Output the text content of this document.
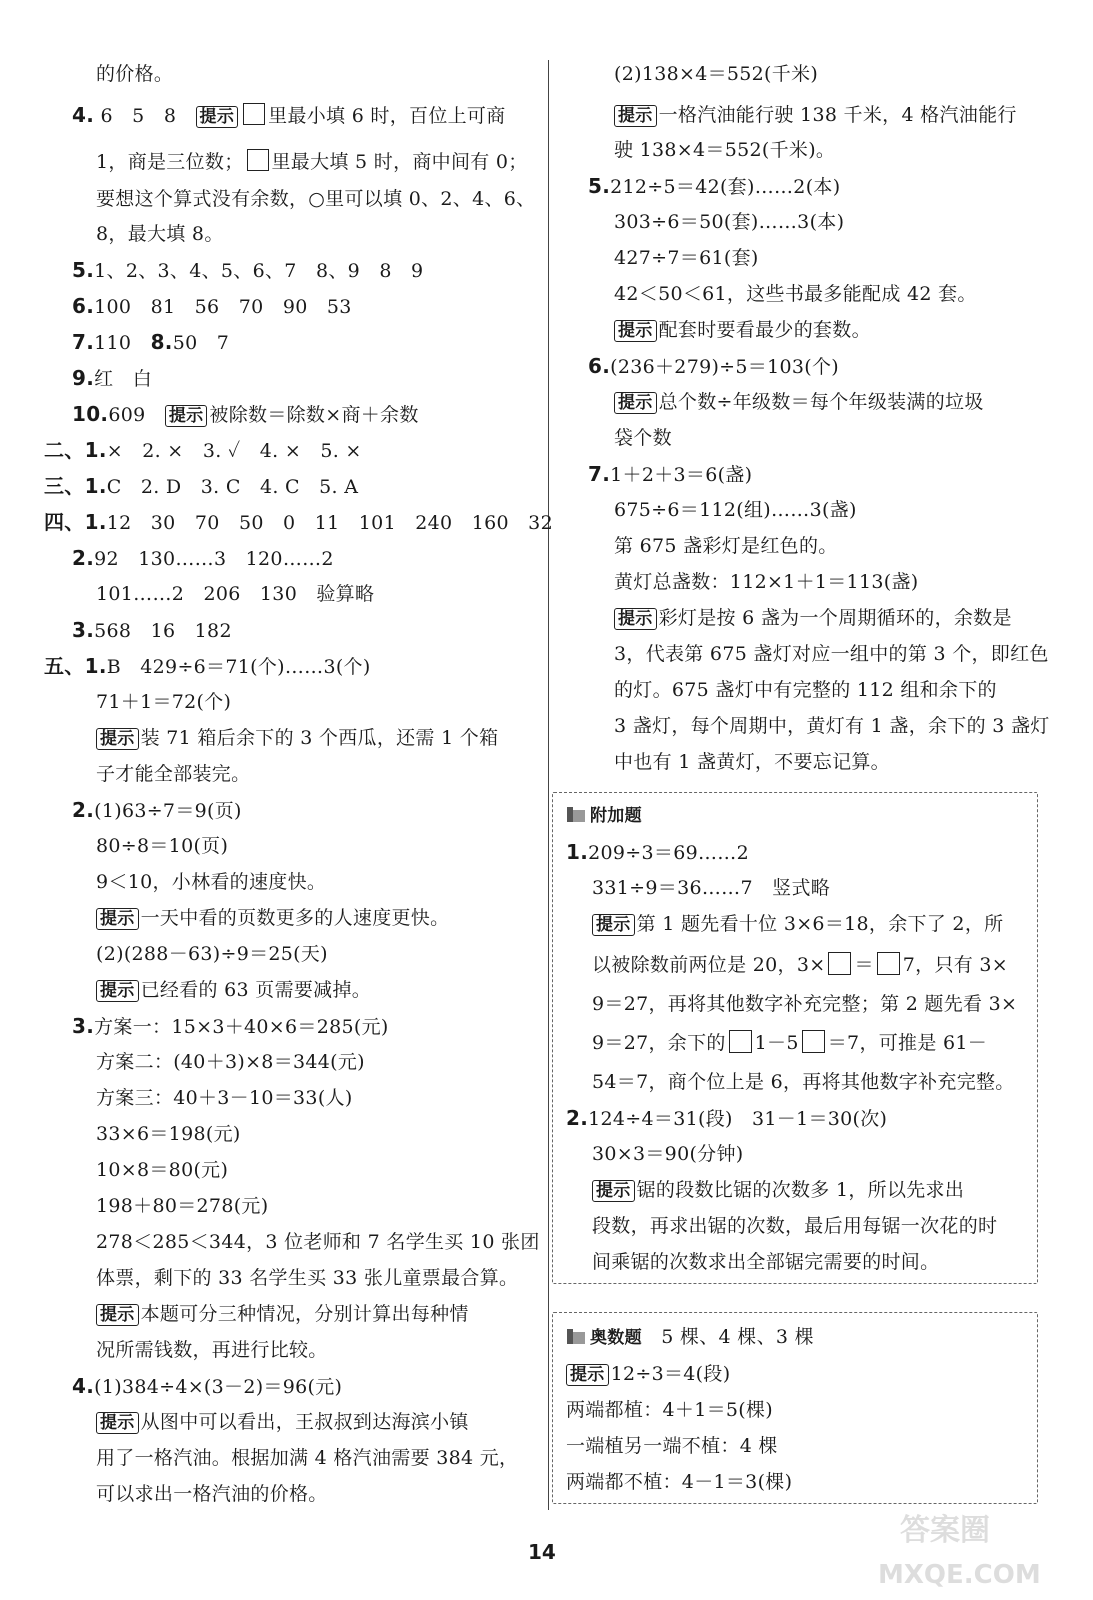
的价格。
4. 6　5　8　提示 里最小填 6 时，百位上可商
1，商是三位数； 里最大填 5 时，商中间有 0；
要想这个算式没有余数，○里可以填 0、2、4、6、
8，最大填 8。
5.1、2、3、4、5、6、7　8、9　8　9
6.100　81　56　70　90　53
7.110　8.50　7
9.红　白
10.609　提示 被除数＝除数×商＋余数
二、1.×　2. ×　3. ✓　4. ×　5. ×
三、1.C　2. D　3. C　4. C　5. A
四、1.12　30　70　50　0　11　101　240　160　32
2.92　130……3　120……2
101……2　206　130　验算略
3.568　16　182
五、1.B　429÷6＝71(个)……3(个)
71＋1＝72(个)
提示 装 71 箱后余下的 3 个西瓜，还需 1 个箱
子才能全部装完。
2.(1)63÷7＝9(页)
80÷8＝10(页)
9＜10，小林看的速度快。
提示 一天中看的页数更多的人速度更快。
(2)(288－63)÷9＝25(天)
提示 已经看的 63 页需要减掉。
3.方案一：15×3＋40×6＝285(元)
方案二：(40＋3)×8＝344(元)
方案三：40＋3－10＝33(人)
33×6＝198(元)
10×8＝80(元)
198＋80＝278(元)
278＜285＜344，3 位老师和 7 名学生买 10 张团
体票，剩下的 33 名学生买 33 张儿童票最合算。
提示 本题可分三种情况，分别计算出每种情
况所需钱数，再进行比较。
4.(1)384÷4×(3－2)＝96(元)
提示 从图中可以看出，王叔叔到达海滨小镇
用了一格汽油。根据加满 4 格汽油需要 384 元，
可以求出一格汽油的价格。
(2)138×4＝552(千米)
提示 一格汽油能行驶 138 千米，4 格汽油能行
驶 138×4＝552(千米)。
5.212÷5＝42(套)……2(本)
303÷6＝50(套)……3(本)
427÷7＝61(套)
42＜50＜61，这些书最多能配成 42 套。
提示 配套时要看最少的套数。
6.(236＋279)÷5＝103(个)
提示 总个数÷年级数＝每个年级装满的垃圾
袋个数
7.1＋2＋3＝6(盏)
675÷6＝112(组)……3(盏)
第 675 盏彩灯是红色的。
黄灯总盏数：112×1＋1＝113(盏)
提示 彩灯是按 6 盏为一个周期循环的，余数是
3，代表第 675 盏灯对应一组中的第 3 个，即红色
的灯。675 盏灯中有完整的 112 组和余下的
3 盏灯，每个周期中，黄灯有 1 盏，余下的 3 盏灯
中也有 1 盏黄灯，不要忘记算。
附加题
1.209÷3＝69……2
331÷9＝36……7　竖式略
提示 第 1 题先看十位 3×6＝18，余下了 2，所
以被除数前两位是 20，3× ＝ 7，只有 3×
9＝27，再将其他数字补充完整；第 2 题先看 3×
9＝27，余下的 1－5 ＝7，可推是 61－
54＝7，商个位上是 6，再将其他数字补充完整。
2.124÷4＝31(段)　31－1＝30(次)
30×3＝90(分钟)
提示 锯的段数比锯的次数多 1，所以先求出
段数，再求出锯的次数，最后用每锯一次花的时
间乘锯的次数求出全部锯完需要的时间。
奥数题　 5 棵、4 棵、3 棵
提示 12÷3＝4(段)
两端都植：4＋1＝5(棵)
一端植另一端不植：4 棵
两端都不植：4－1＝3(棵)
14
答案圈
MXQE.COM
